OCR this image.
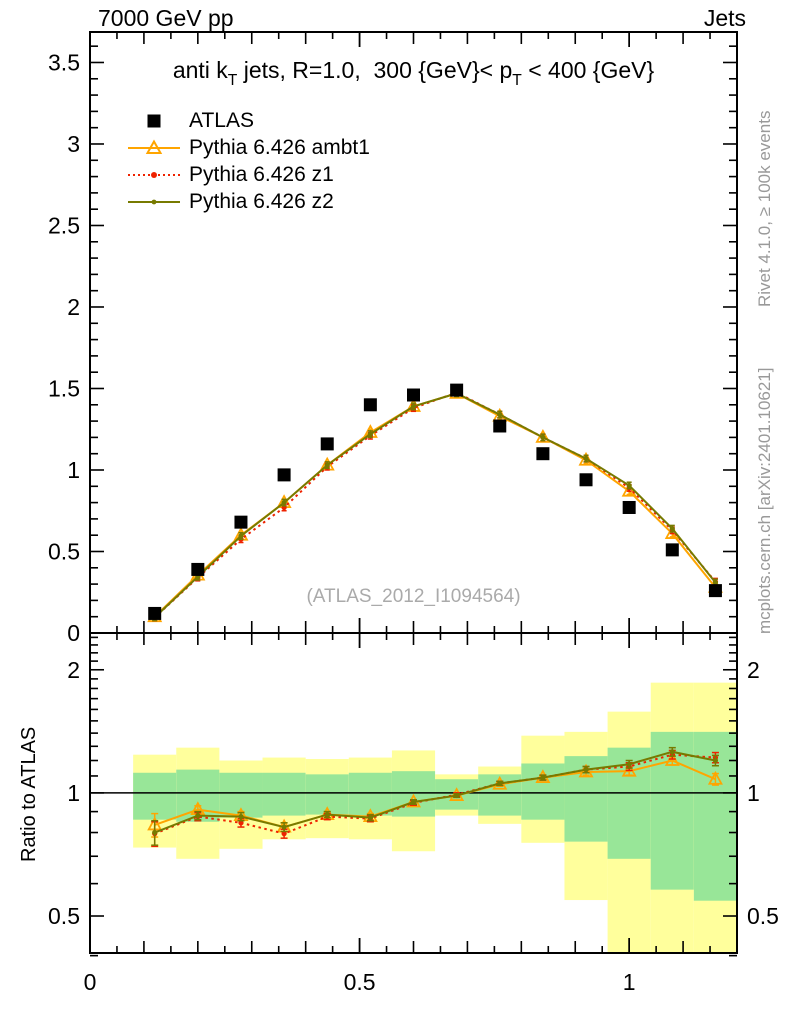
0	0.5	1
0
0.5
1
1.5
2
2.5
3
3.5
0.5	0.5
1	1
2	2
7000 GeV pp	Jets
anti $k_T$ jets, R=1.0,  300 $\{GeV\}< p_T < 400$ {GeV}
ATLAS
Pythia 6.426 ambt1
Pythia 6.426 z1
Pythia 6.426 z2
(ATLAS_2012_I1094564)
Ratio to ATLAS
Rivet 4.1.0, ≥ 100k events
mcplots.cern.ch [arXiv:2401.10621]
